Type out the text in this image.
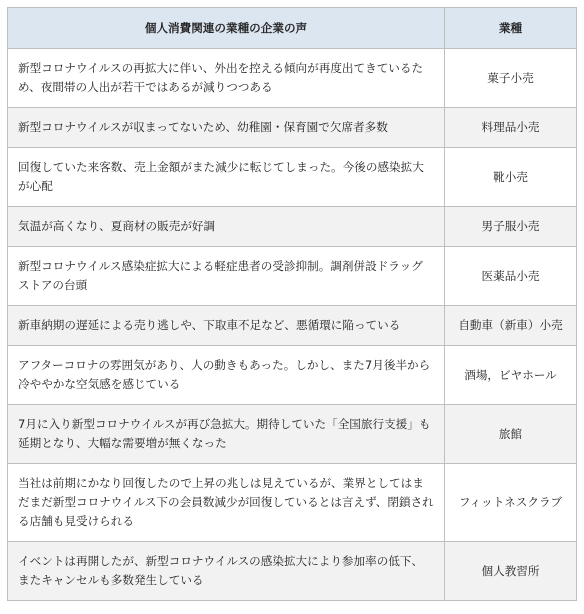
個人消費関連の業種の企業の声	業種
新型コロナウイルスの再拡大に伴い、外出を控える傾向が再度出てきているため、夜間帯の人出が若干ではあるが減りつつある	菓子小売
新型コロナウイルスが収まってないため、幼稚園・保育園で欠席者多数	料理品小売
回復していた来客数、売上金額がまた減少に転じてしまった。今後の感染拡大が心配	靴小売
気温が高くなり、夏商材の販売が好調	男子服小売
新型コロナウイルス感染症拡大による軽症患者の受診抑制。調剤併設ドラッグストアの台頭	医薬品小売
新車納期の遅延による売り逃しや、下取車不足など、悪循環に陥っている	自動車（新車）小売
アフターコロナの雰囲気があり、人の動きもあった。しかし、また7月後半から冷ややかな空気感を感じている	酒場，ビヤホール
7月に入り新型コロナウイルスが再び急拡大。期待していた「全国旅行支援」も延期となり、大幅な需要増が無くなった	旅館
当社は前期にかなり回復したので上昇の兆しは見えているが、業界としてはまだまだ新型コロナウイルス下の会員数減少が回復しているとは言えず、閉鎖される店舗も見受けられる	フィットネスクラブ
イベントは再開したが、新型コロナウイルスの感染拡大により参加率の低下、またキャンセルも多数発生している	個人教習所
